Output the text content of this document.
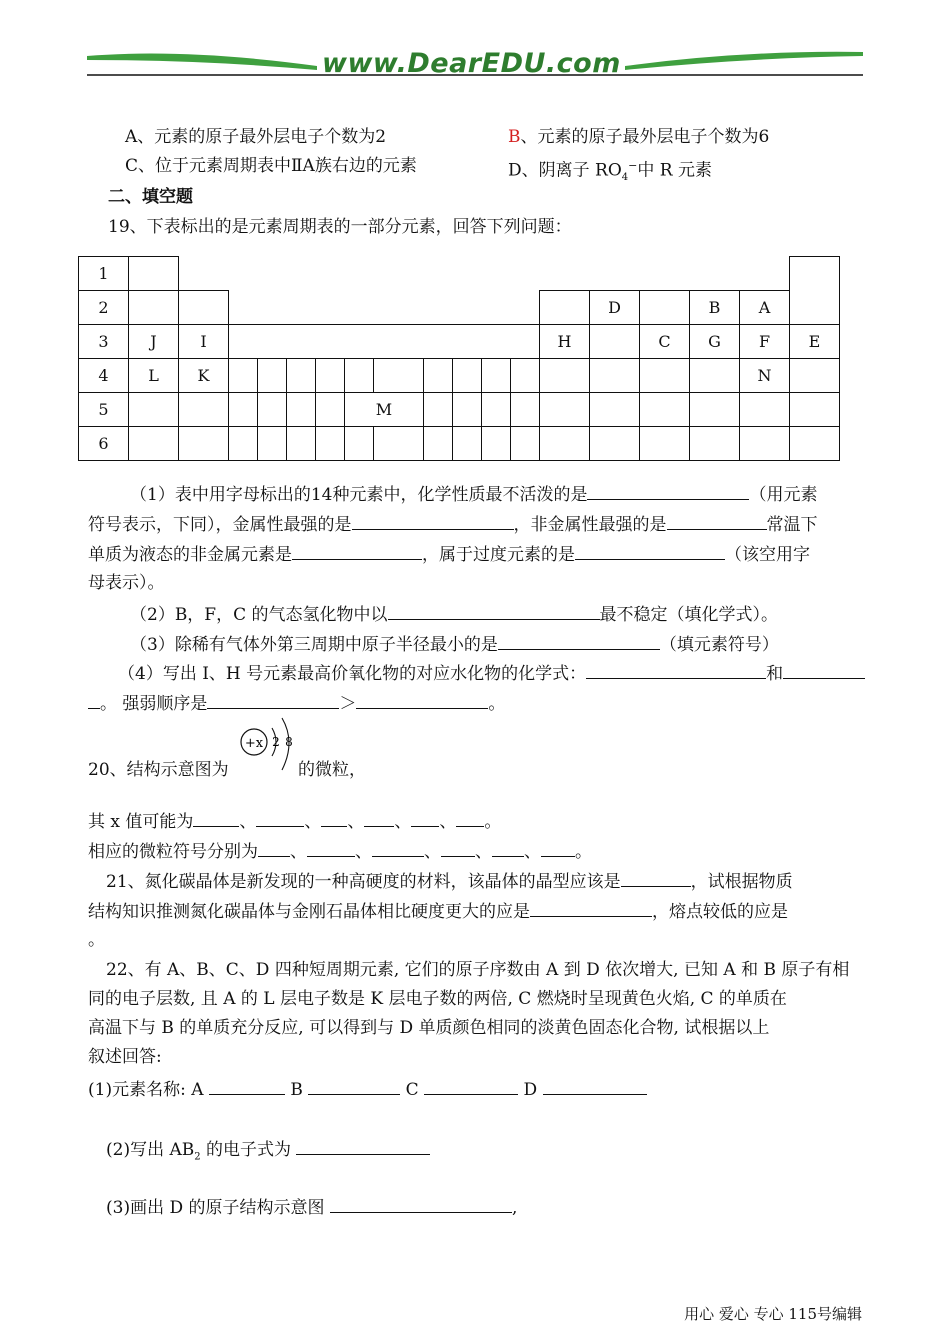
www.DearEDU.com
A、元素的原子最外层电子个数为2	B、元素的原子最外层电子个数为6
C、位于元素周期表中ⅡA族右边的元素	D、阴离子 $RO_4^-$中 R 元素
二、填空题
19、下表标出的是元素周期表的一部分元素，回答下列问题：
1																		
2														D		B	A	
3	J	I											H		C	G	F	E
4	L	K															N	
5							M											
6																		
（1）表中用字母标出的14种元素中，化学性质最不活泼的是	（用元素
符号表示，下同），金属性最强的是	，非金属性最强的是	常温下
单质为液态的非金属元素是	，属于过度元素的是	（该空用字
母表示）。
（2）B，F，C 的气态氢化物中以	最不稳定（填化学式）。
（3）除稀有气体外第三周期中原子半径最小的是	（填元素符号）
（4）写出 I、H 号元素最高价氧化物的对应水化物的化学式：	和
。 强弱顺序是	＞	。
20、结构示意图为
+x 2 8
的微粒，
其 x 值可能为	、	、 、 、 、 。
相应的微粒符号分别为 、	、	、 、 、 。
21、氮化碳晶体是新发现的一种高硬度的材料，该晶体的晶型应该是	，试根据物质
结构知识推测氮化碳晶体与金刚石晶体相比硬度更大的应是	，熔点较低的应是
。
22、有 A、B、C、D 四种短周期元素, 它们的原子序数由 A 到 D 依次增大, 已知 A 和 B 原子有相
同的电子层数, 且 A 的 L 层电子数是 K 层电子数的两倍, C 燃烧时呈现黄色火焰, C 的单质在
高温下与 B 的单质充分反应, 可以得到与 D 单质颜色相同的淡黄色固态化合物, 试根据以上
叙述回答:
(1)元素名称: A	B	C	D
(2)写出 $AB_2$ 的电子式为
(3)画出 D 的原子结构示意图	,
用心 爱心 专心 115号编辑
